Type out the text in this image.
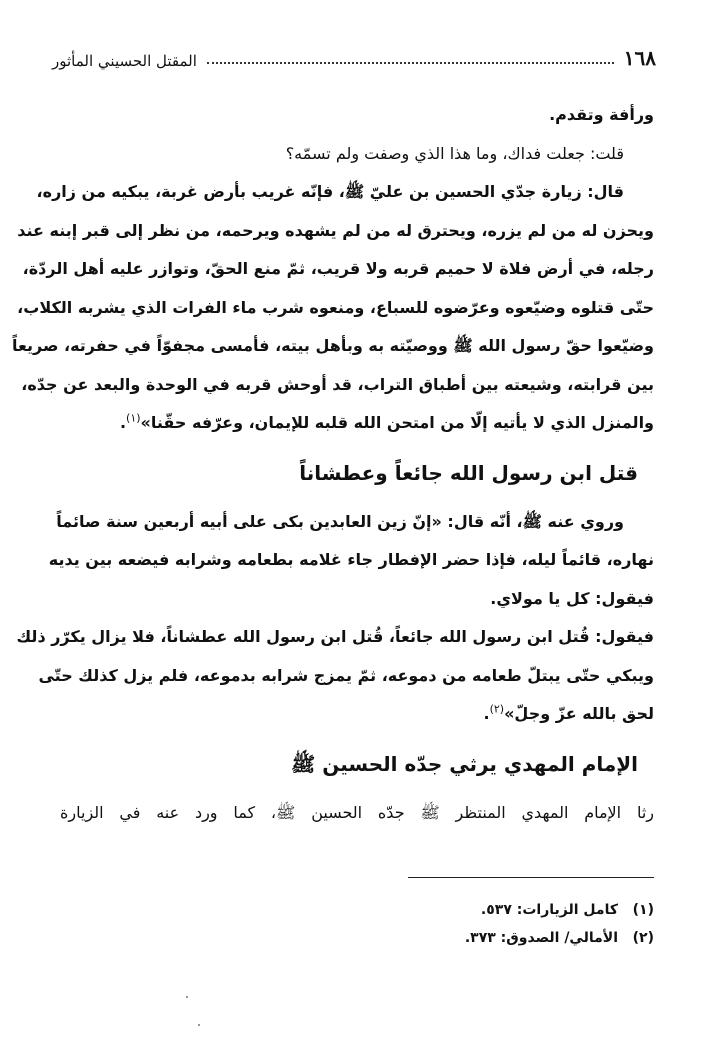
١٦٨
المقتل الحسيني المأثور
ورأفة وتقدم.
قلت: جعلت فداك، وما هذا الذي وصفت ولم تسمّه؟
قال: زيارة جدّي الحسين بن عليّ ﷺ، فإنّه غريب بأرض غربة، يبكيه من زاره،
ويحزن له من لم يزره، ويحترق له من لم يشهده ويرحمه، من نظر إلى قبر إبنه عند
رجله، في أرض فلاة لا حميم قربه ولا قريب، ثمّ منع الحقّ، وتوازر عليه أهل الردّة،
حتّى قتلوه وضيّعوه وعرّضوه للسباع، ومنعوه شرب ماء الفرات الذي يشربه الكلاب،
وضيّعوا حقّ رسول الله ﷺ ووصيّته به وبأهل بيته، فأمسى مجفوّاً في حفرته، صريعاً
بين قرابته، وشيعته بين أطباق التراب، قد أوحش قربه في الوحدة والبعد عن جدّه،
والمنزل الذي لا يأتيه إلّا من امتحن الله قلبه للإيمان، وعرّفه حقّنا»$^{(١)}$.
قتل ابن رسول الله جائعاً وعطشاناً
وروي عنه ﷺ، أنّه قال: «إنّ زين العابدين بكى على أبيه أربعين سنة صائماً
نهاره، قائماً ليله، فإذا حضر الإفطار جاء غلامه بطعامه وشرابه فيضعه بين يديه
فيقول: كل يا مولاي.
فيقول: قُتل ابن رسول الله جائعاً، قُتل ابن رسول الله عطشاناً، فلا يزال يكرّر ذلك
ويبكي حتّى يبتلّ طعامه من دموعه، ثمّ يمزج شرابه بدموعه، فلم يزل كذلك حتّى
لحق بالله عزّ وجلّ»$^{(٢)}$.
الإمام المهدي يرثي جدّه الحسين ﷺ
رثا الإمام المهدي المنتظر ﷺ جدّه الحسين ﷺ، كما ورد عنه في الزيارة
(١)كامل الزيارات: ٥٣٧.
(٢)الأمالي/ الصدوق: ٣٧٣.
